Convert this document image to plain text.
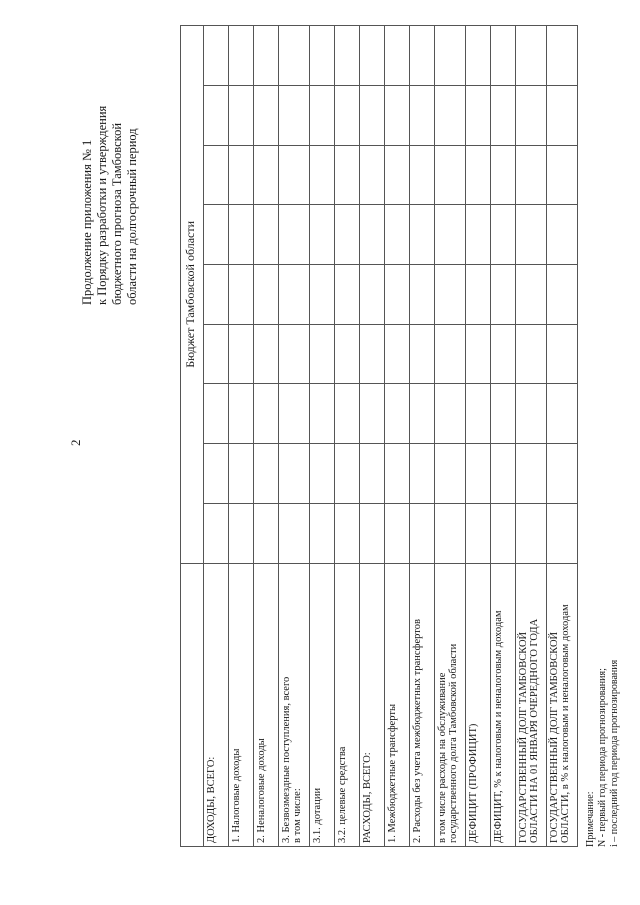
2
Продолжение приложения № 1 к Порядку разработки и утверждения бюджетного прогноза Тамбовской области на долгосрочный период
		Бюджет Тамбовской области								
ДОХОДЫ, ВСЕГО:									
1. Налоговые доходы									
2. Неналоговые доходы									

3. Безвозмездные поступления, всего в том числе:									

3.1. дотации									
3.2. целевые средства									
РАСХОДЫ, ВСЕГО:									
1. Межбюджетные трансферты									
2. Расходы без учета межбюджетных трансфертов									

в том числе расходы на обслуживание государственного долга Тамбовской области									

ДЕФИЦИТ (ПРОФИЦИТ)									
ДЕФИЦИТ, % к налоговым и неналоговым доходам									

ГОСУДАРСТВЕННЫЙ ДОЛГ ТАМБОВСКОЙ ОБЛАСТИ НА 01 ЯНВАРЯ ОЧЕРЕДНОГО ГОДА									

ГОСУДАРСТВЕННЫЙ ДОЛГ ТАМБОВСКОЙ ОБЛАСТИ, в % к налоговым и неналоговым доходам									
									Примечание: N - первый год периода прогнозирования; i – последний год периода прогнозирования
